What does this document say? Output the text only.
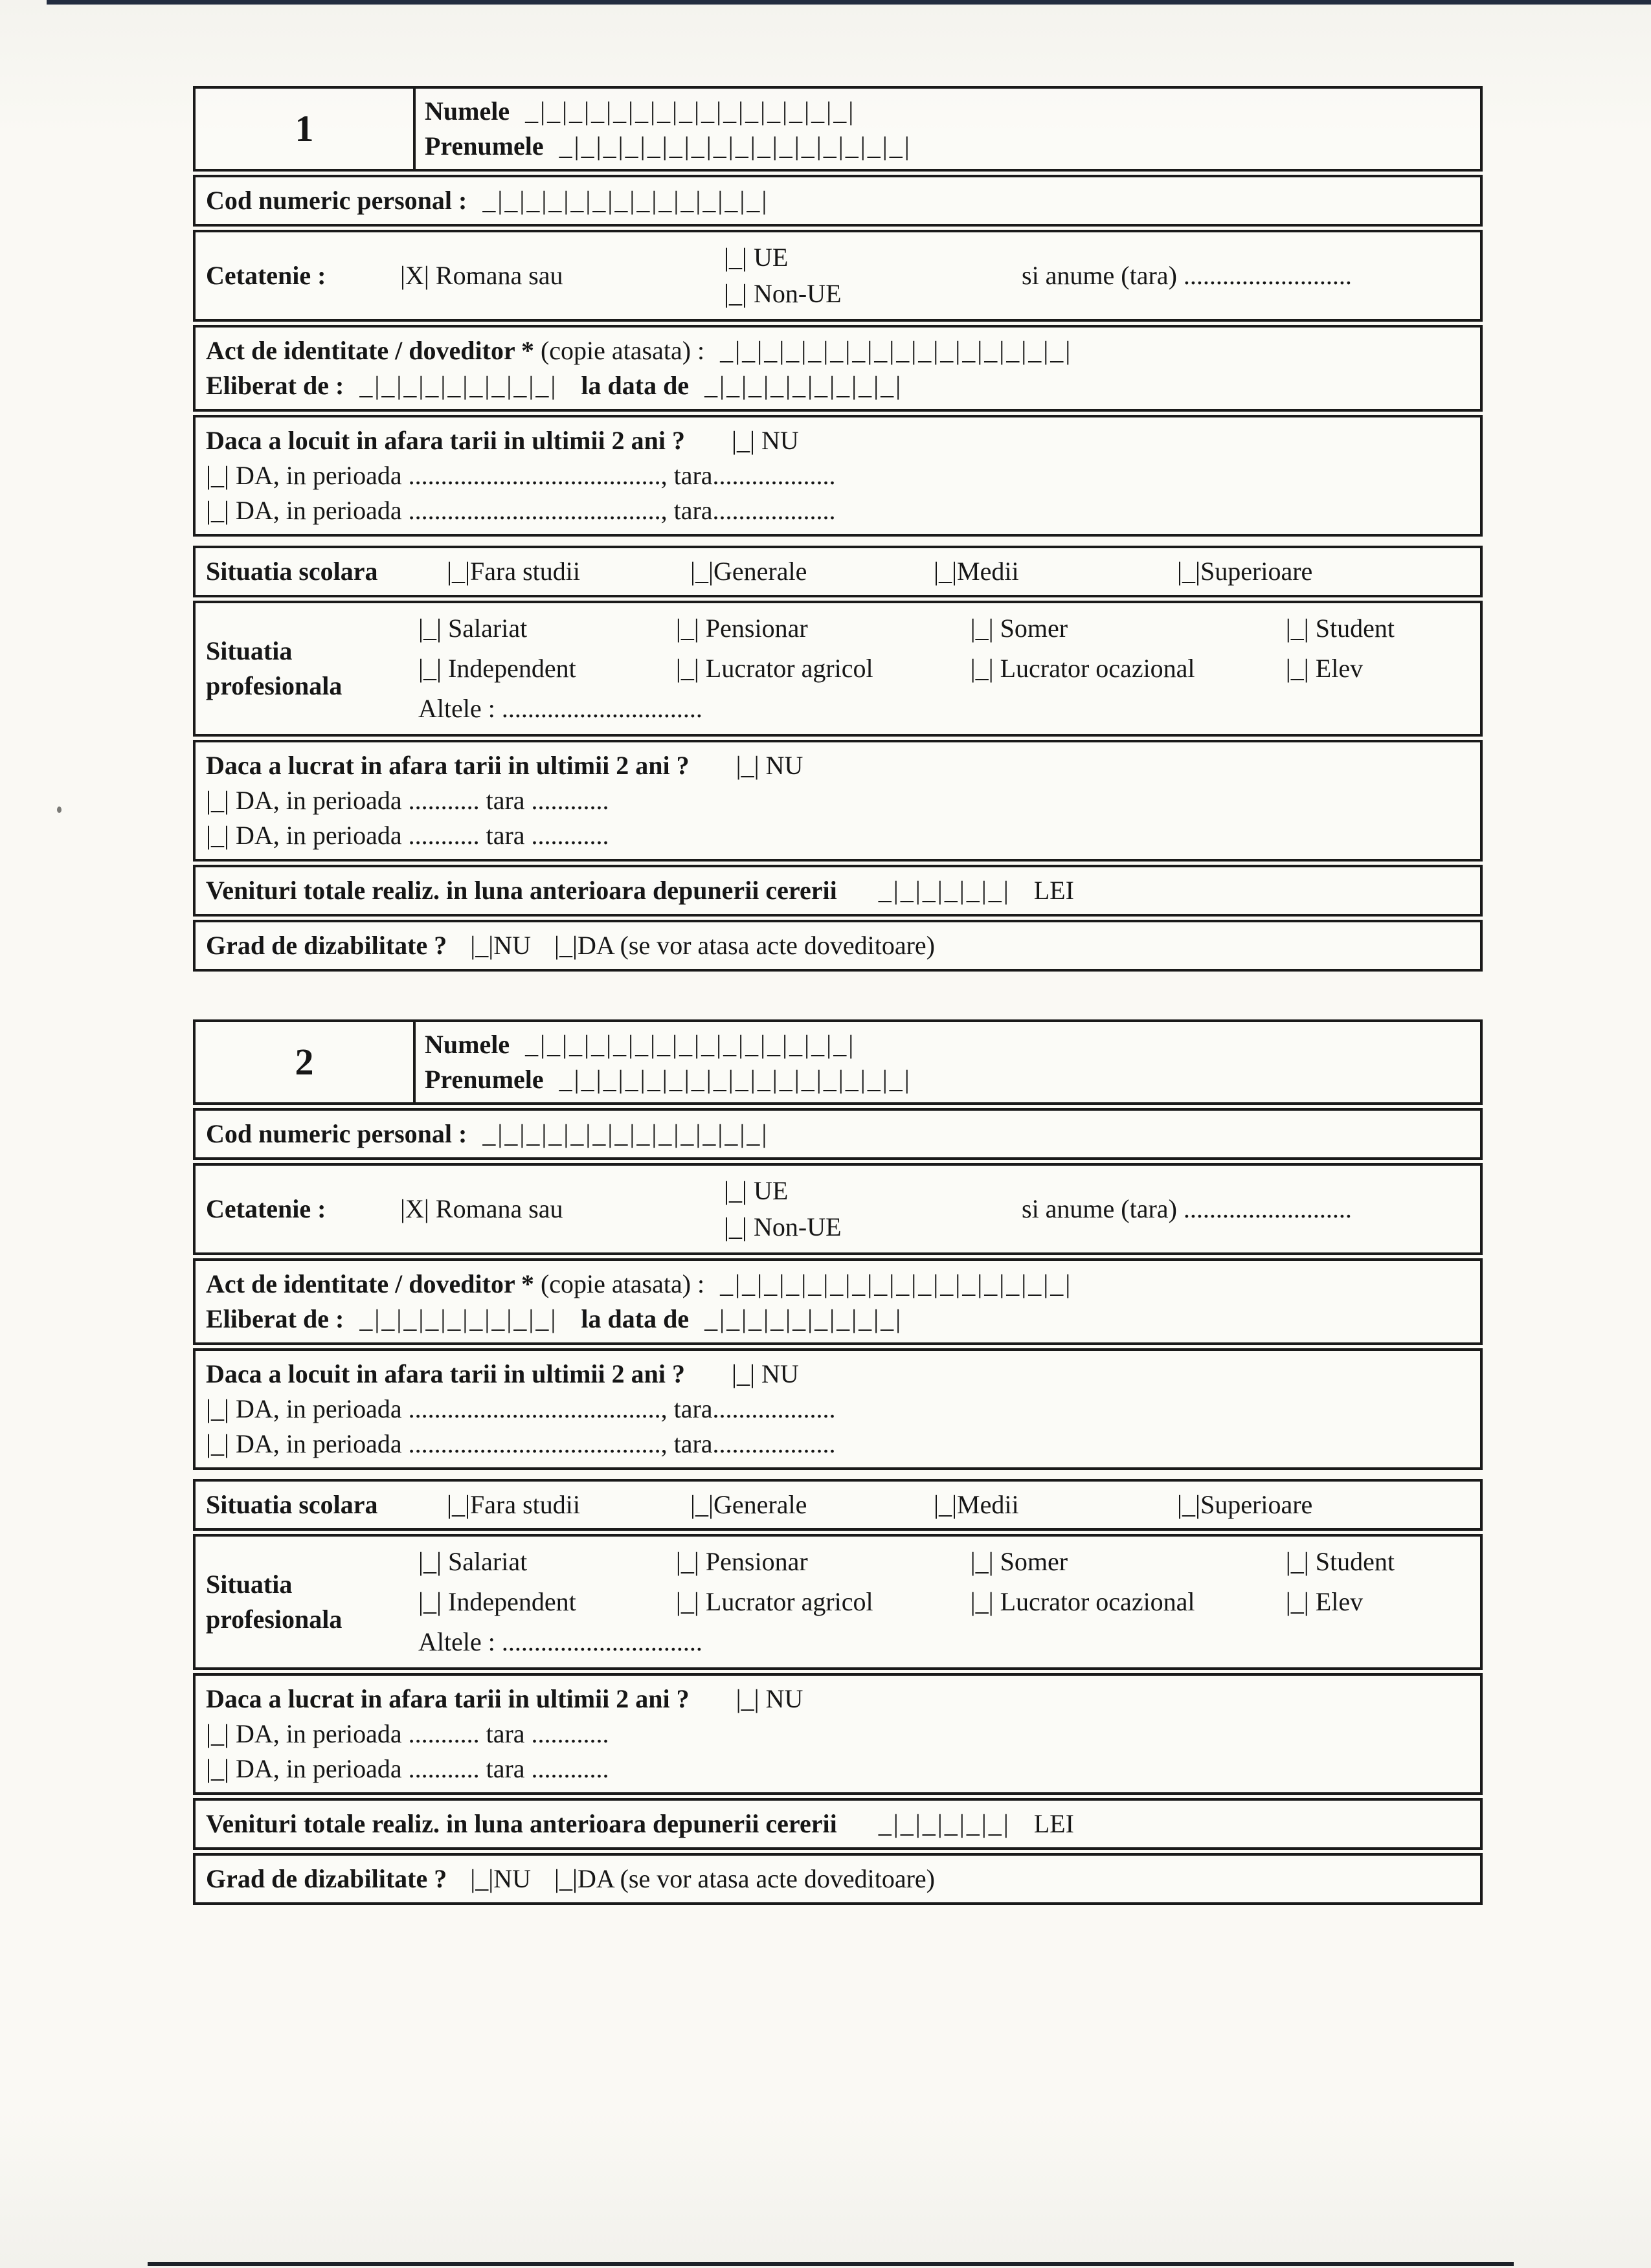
1	Numele _|_|_|_|_|_|_|_|_|_|_|_|_|_|_|
Prenumele _|_|_|_|_|_|_|_|_|_|_|_|_|_|_|_|
Cod numeric personal : _|_|_|_|_|_|_|_|_|_|_|_|_|
Cetatenie :	|X| Romana sau
|_| UE
|_| Non-UE
si anume (tara) ..........................
Act de identitate / doveditor * (copie atasata) : _|_|_|_|_|_|_|_|_|_|_|_|_|_|_|_|
Eliberat de : _|_|_|_|_|_|_|_|_| la data de _|_|_|_|_|_|_|_|_|
Daca a locuit in afara tarii in ultimii 2 ani ? |_| NU
|_| DA, in perioada ......................................., tara...................
|_| DA, in perioada ......................................., tara...................
Situatia scolara	|_|Fara studii	|_|Generale	|_|Medii	|_|Superioare
Situatia
profesionala
|_| Salariat	|_| Pensionar	|_| Somer	|_| Student
|_| Independent	|_| Lucrator agricol	|_| Lucrator ocazional	|_| Elev
Altele : ...............................
Daca a lucrat in afara tarii in ultimii 2 ani ? |_| NU
|_| DA, in perioada ........... tara ............
|_| DA, in perioada ........... tara ............
Venituri totale realiz. in luna anterioara depunerii cererii _|_|_|_|_|_| LEI
Grad de dizabilitate ? |_|NU |_|DA (se vor atasa acte doveditoare)
2	Numele _|_|_|_|_|_|_|_|_|_|_|_|_|_|_|
Prenumele _|_|_|_|_|_|_|_|_|_|_|_|_|_|_|_|
Cod numeric personal : _|_|_|_|_|_|_|_|_|_|_|_|_|
Cetatenie :	|X| Romana sau
|_| UE
|_| Non-UE
si anume (tara) ..........................
Act de identitate / doveditor * (copie atasata) : _|_|_|_|_|_|_|_|_|_|_|_|_|_|_|_|
Eliberat de : _|_|_|_|_|_|_|_|_| la data de _|_|_|_|_|_|_|_|_|
Daca a locuit in afara tarii in ultimii 2 ani ? |_| NU
|_| DA, in perioada ......................................., tara...................
|_| DA, in perioada ......................................., tara...................
Situatia scolara	|_|Fara studii	|_|Generale	|_|Medii	|_|Superioare
Situatia
profesionala
|_| Salariat	|_| Pensionar	|_| Somer	|_| Student
|_| Independent	|_| Lucrator agricol	|_| Lucrator ocazional	|_| Elev
Altele : ...............................
Daca a lucrat in afara tarii in ultimii 2 ani ? |_| NU
|_| DA, in perioada ........... tara ............
|_| DA, in perioada ........... tara ............
Venituri totale realiz. in luna anterioara depunerii cererii _|_|_|_|_|_| LEI
Grad de dizabilitate ? |_|NU |_|DA (se vor atasa acte doveditoare)
